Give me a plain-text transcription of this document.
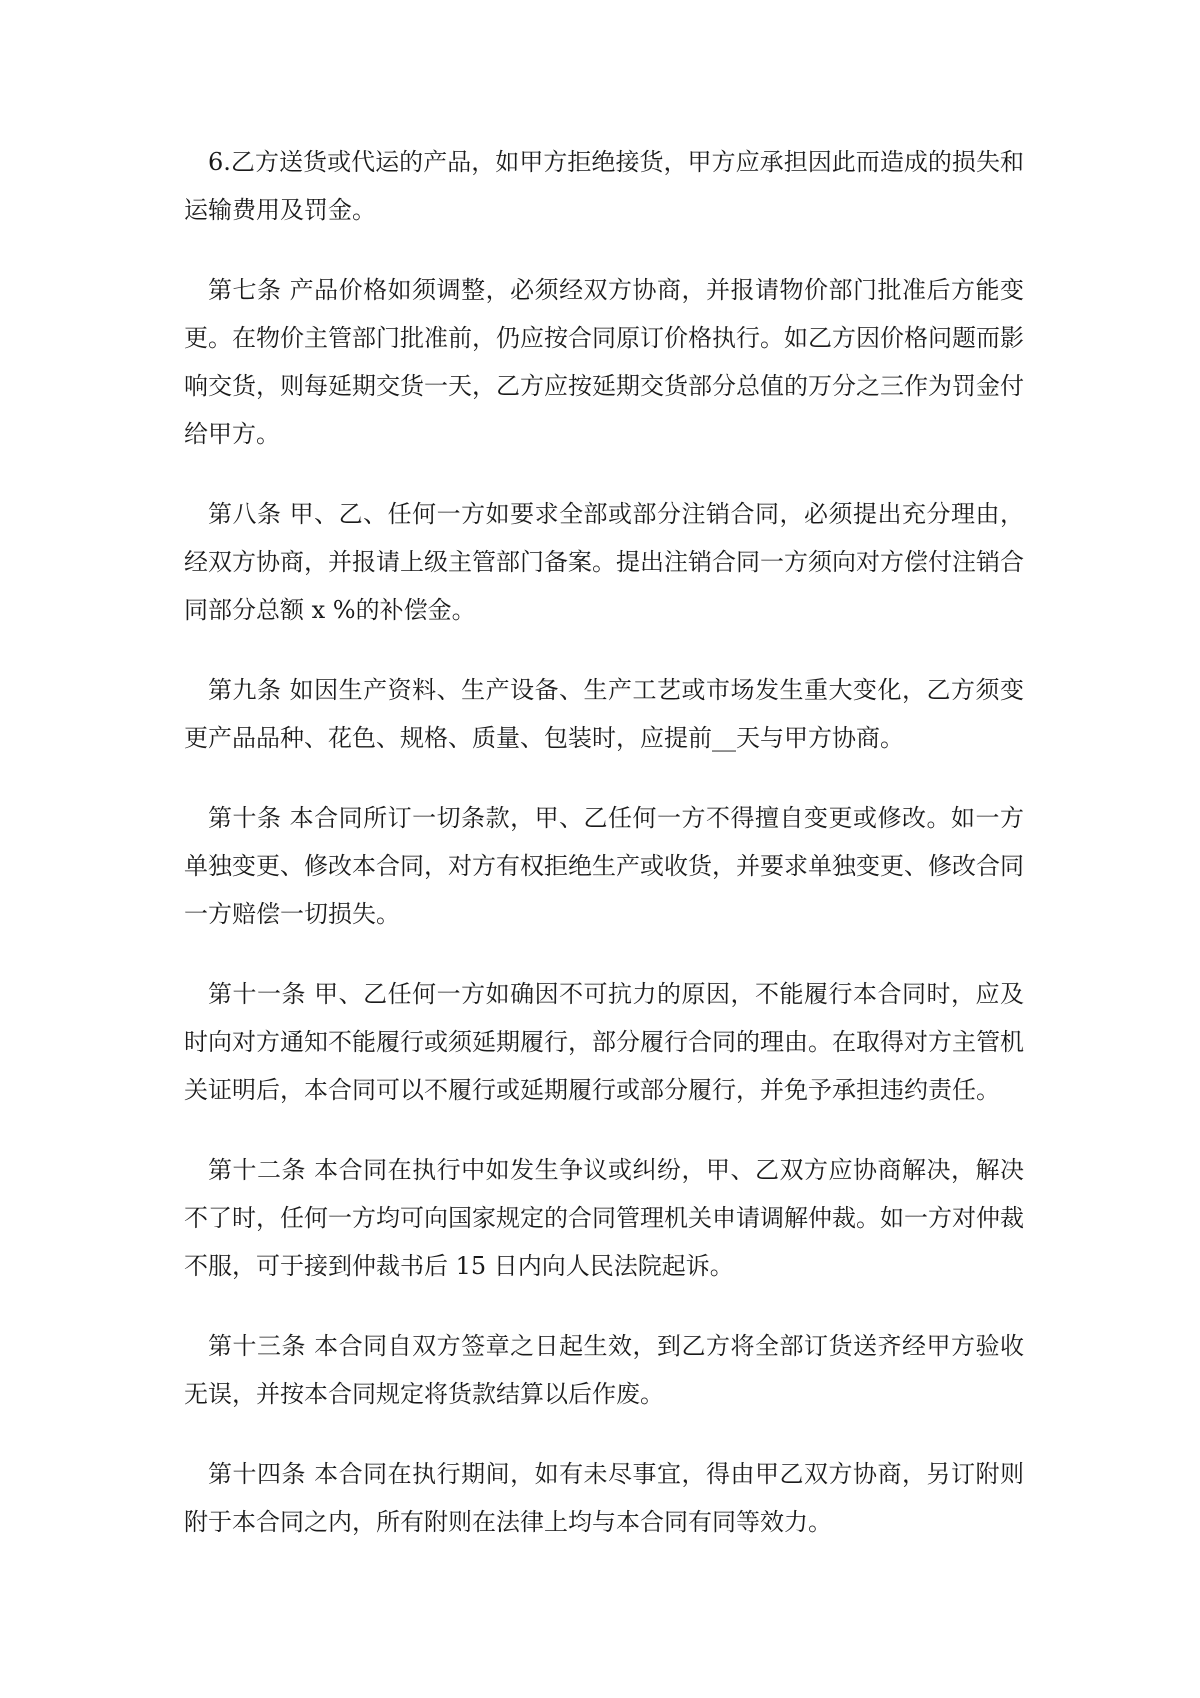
6.乙方送货或代运的产品，如甲方拒绝接货，甲方应承担因此而造成的损失和运输费用及罚金。

第七条 产品价格如须调整，必须经双方协商，并报请物价部门批准后方能变更。在物价主管部门批准前，仍应按合同原订价格执行。如乙方因价格问题而影响交货，则每延期交货一天，乙方应按延期交货部分总值的万分之三作为罚金付给甲方。

第八条 甲、乙、任何一方如要求全部或部分注销合同，必须提出充分理由，经双方协商，并报请上级主管部门备案。提出注销合同一方须向对方偿付注销合同部分总额 x %的补偿金。

第九条 如因生产资料、生产设备、生产工艺或市场发生重大变化，乙方须变更产品品种、花色、规格、质量、包装时，应提前__天与甲方协商。

第十条 本合同所订一切条款，甲、乙任何一方不得擅自变更或修改。如一方单独变更、修改本合同，对方有权拒绝生产或收货，并要求单独变更、修改合同一方赔偿一切损失。

第十一条 甲、乙任何一方如确因不可抗力的原因，不能履行本合同时，应及时向对方通知不能履行或须延期履行，部分履行合同的理由。在取得对方主管机关证明后，本合同可以不履行或延期履行或部分履行，并免予承担违约责任。

第十二条 本合同在执行中如发生争议或纠纷，甲、乙双方应协商解决，解决不了时，任何一方均可向国家规定的合同管理机关申请调解仲裁。如一方对仲裁不服，可于接到仲裁书后 15 日内向人民法院起诉。

第十三条 本合同自双方签章之日起生效，到乙方将全部订货送齐经甲方验收无误，并按本合同规定将货款结算以后作废。

第十四条 本合同在执行期间，如有未尽事宜，得由甲乙双方协商，另订附则附于本合同之内，所有附则在法律上均与本合同有同等效力。
